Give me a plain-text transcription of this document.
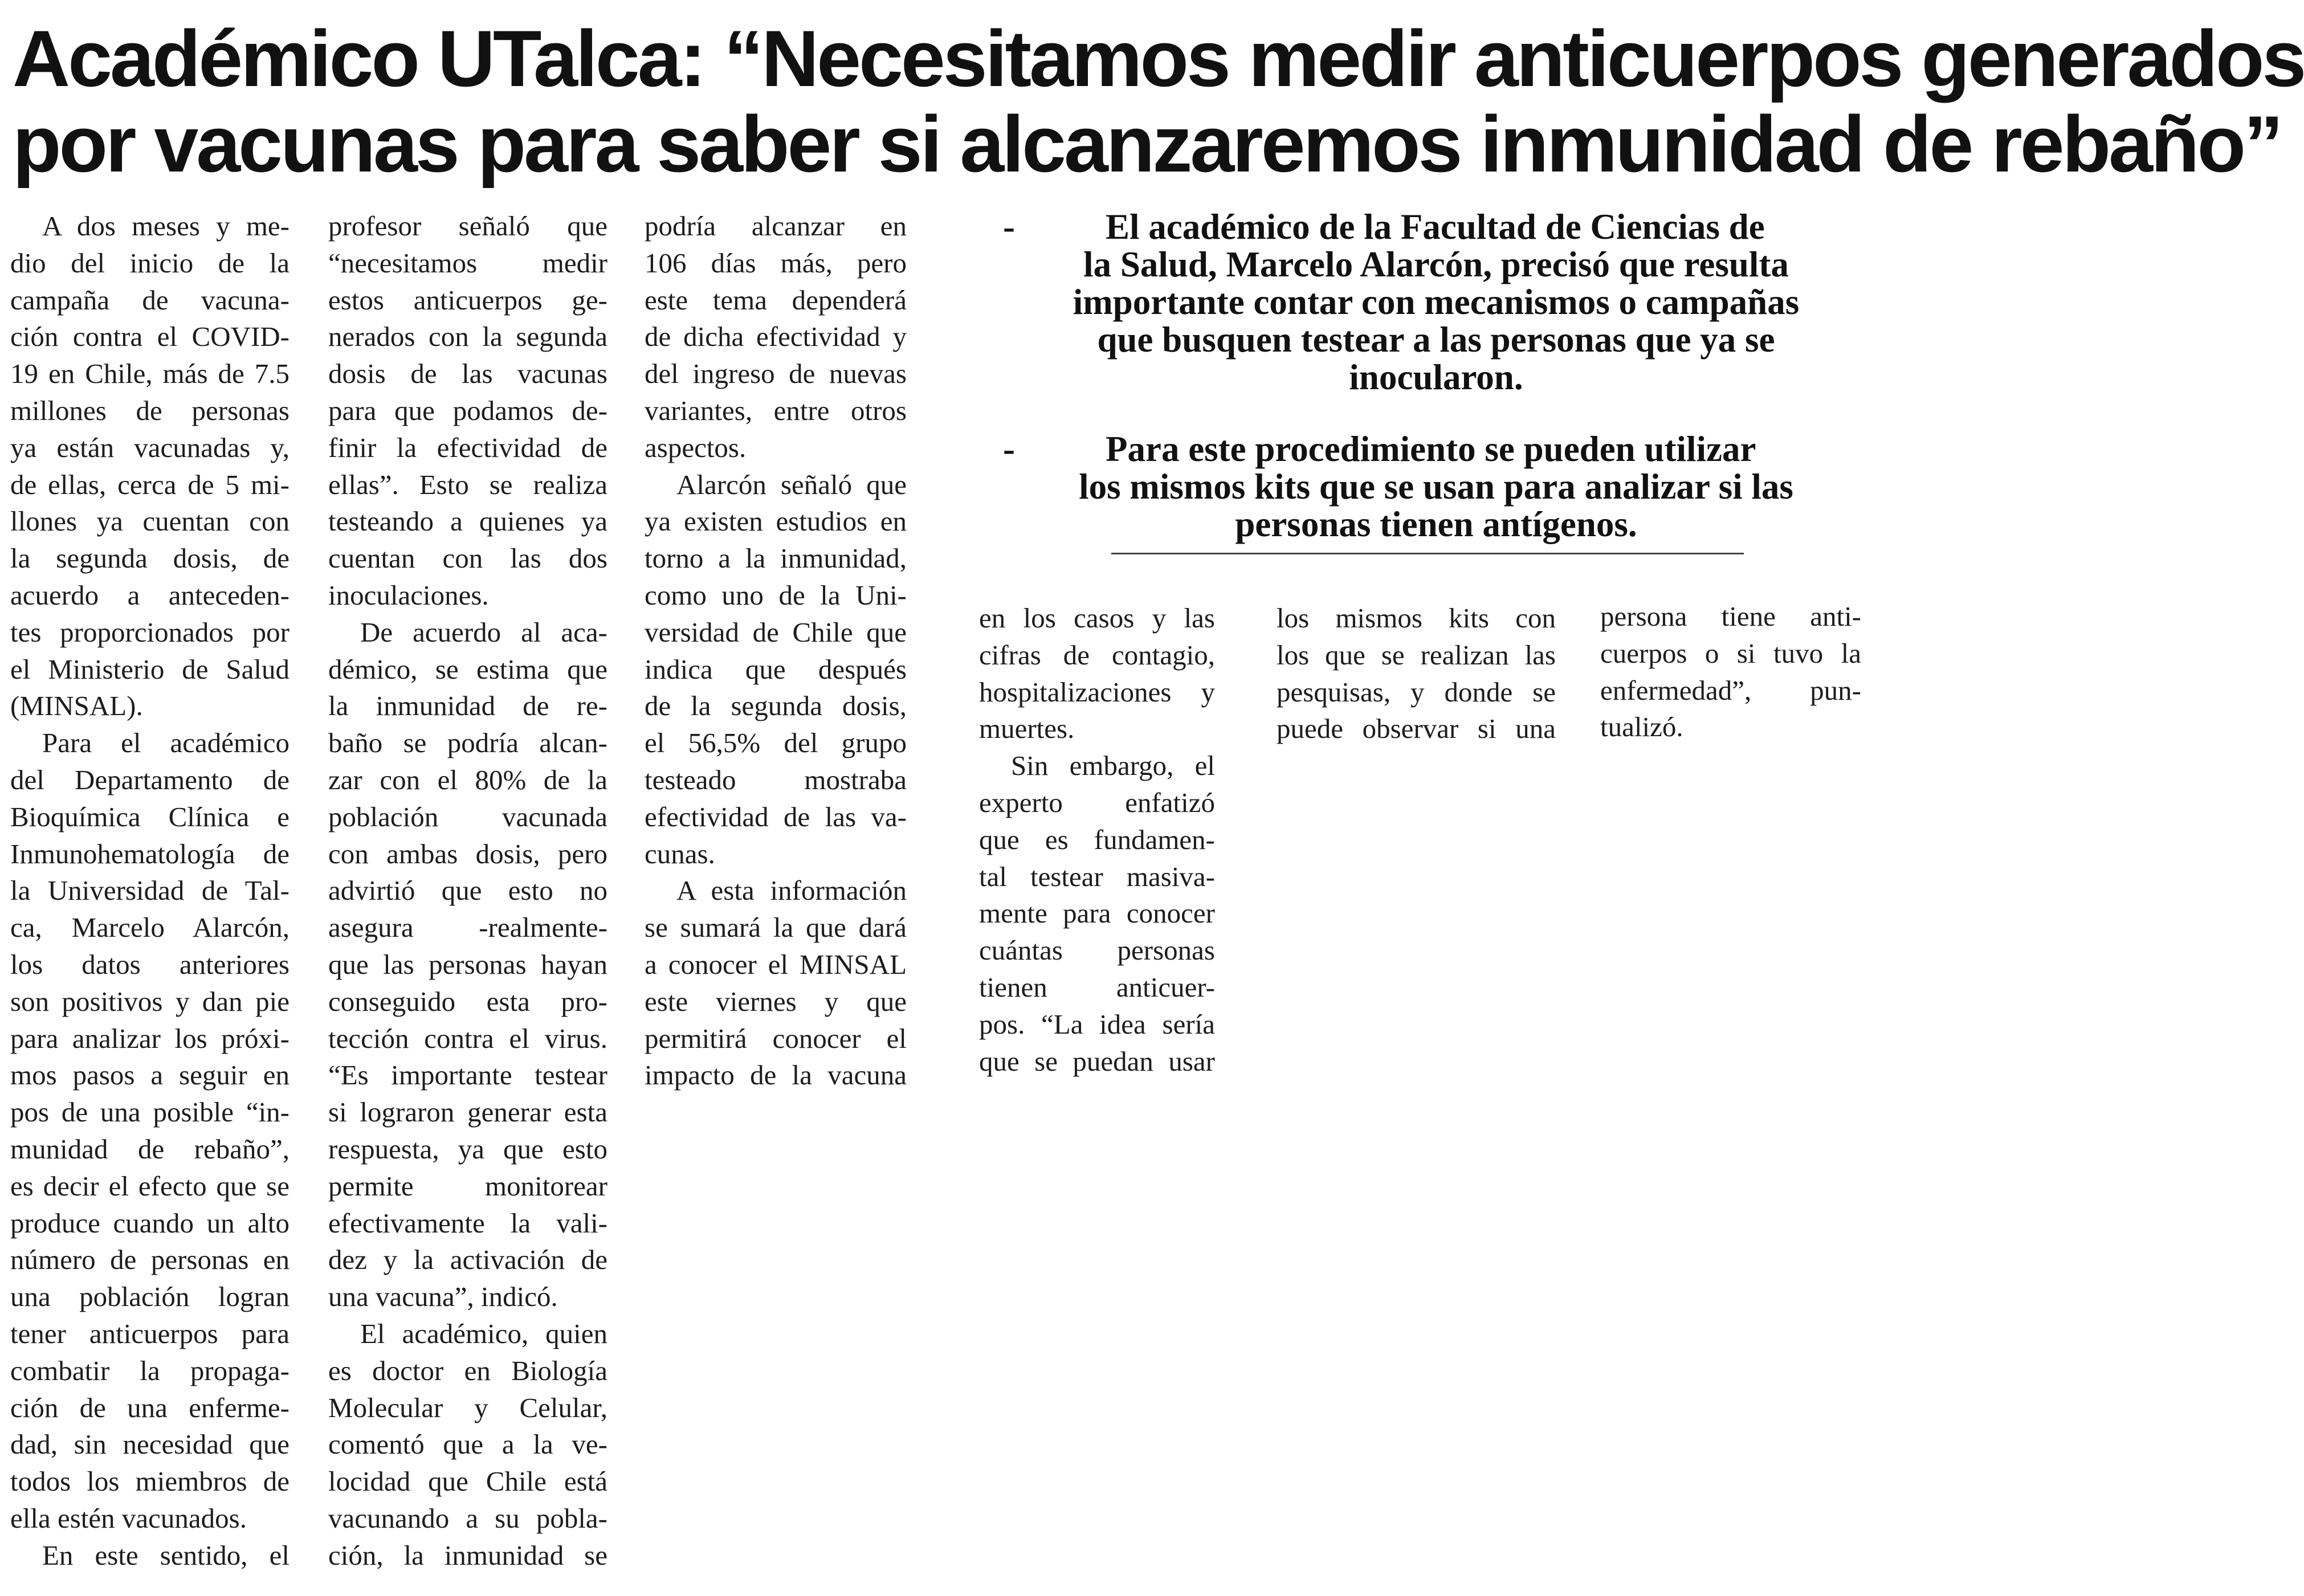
Académico UTalca: “Necesitamos medir anticuerpos generados
por vacunas para saber si alcanzaremos inmunidad de rebaño”
A dos meses y me-
dio del inicio de la
campaña de vacuna-
ción contra el COVID-
19 en Chile, más de 7.5
millones de personas
ya están vacunadas y,
de ellas, cerca de 5 mi-
llones ya cuentan con
la segunda dosis, de
acuerdo a anteceden-
tes proporcionados por
el Ministerio de Salud
(MINSAL).
Para el académico
del Departamento de
Bioquímica Clínica e
Inmunohematología de
la Universidad de Tal-
ca, Marcelo Alarcón,
los datos anteriores
son positivos y dan pie
para analizar los próxi-
mos pasos a seguir en
pos de una posible “in-
munidad de rebaño”,
es decir el efecto que se
produce cuando un alto
número de personas en
una población logran
tener anticuerpos para
combatir la propaga-
ción de una enfermе-
dad, sin necesidad que
todos los miembros de
ella estén vacunados.
En este sentido, el
profesor señaló que
“necesitamos medir
estos anticuerpos ge-
nerados con la segunda
dosis de las vacunas
para que podamos de-
finir la efectividad de
ellas”. Esto se realiza
testeando a quienes ya
cuentan con las dos
inoculaciones.
De acuerdo al aca-
démico, se estima que
la inmunidad de re-
baño se podría alcan-
zar con el 80% de la
población vacunada
con ambas dosis, pero
advirtió que esto no
asegura -realmente-
que las personas hayan
conseguido esta pro-
tección contra el virus.
“Es importante testear
si lograron generar esta
respuesta, ya que esto
permite monitorear
efectivamente la vali-
dez y la activación de
una vacuna”, indicó.
El académico, quien
es doctor en Biología
Molecular y Celular,
comentó que a la ve-
locidad que Chile está
vacunando a su pobla-
ción, la inmunidad se
podría alcanzar en
106 días más, pero
este tema dependerá
de dicha efectividad y
del ingreso de nuevas
variantes, entre otros
aspectos.
Alarcón señaló que
ya existen estudios en
torno a la inmunidad,
como uno de la Uni-
versidad de Chile que
indica que después
de la segunda dosis,
el 56,5% del grupo
testeado mostraba
efectividad de las va-
cunas.
A esta información
se sumará la que dará
a conocer el MINSAL
este viernes y que
permitirá conocer el
impacto de la vacuna
-	El académico de la Facultad de Ciencias de
la Salud, Marcelo Alarcón, precisó que resulta
importante contar con mecanismos o campañas
que busquen testear a las personas que ya se
inocularon.
-	Para este procedimiento se pueden utilizar
los mismos kits que se usan para analizar si las
personas tienen antígenos.
en los casos y las
cifras de contagio,
hospitalizaciones y
muertes.
Sin embargo, el
experto enfatizó
que es fundamen-
tal testear masiva-
mente para conocer
cuántas personas
tienen anticuer-
pos. “La idea sería
que se puedan usar
los mismos kits con
los que se realizan las
pesquisas, y donde se
puede observar si una
persona tiene anti-
cuerpos o si tuvo la
enfermedad”, pun-
tualizó.
